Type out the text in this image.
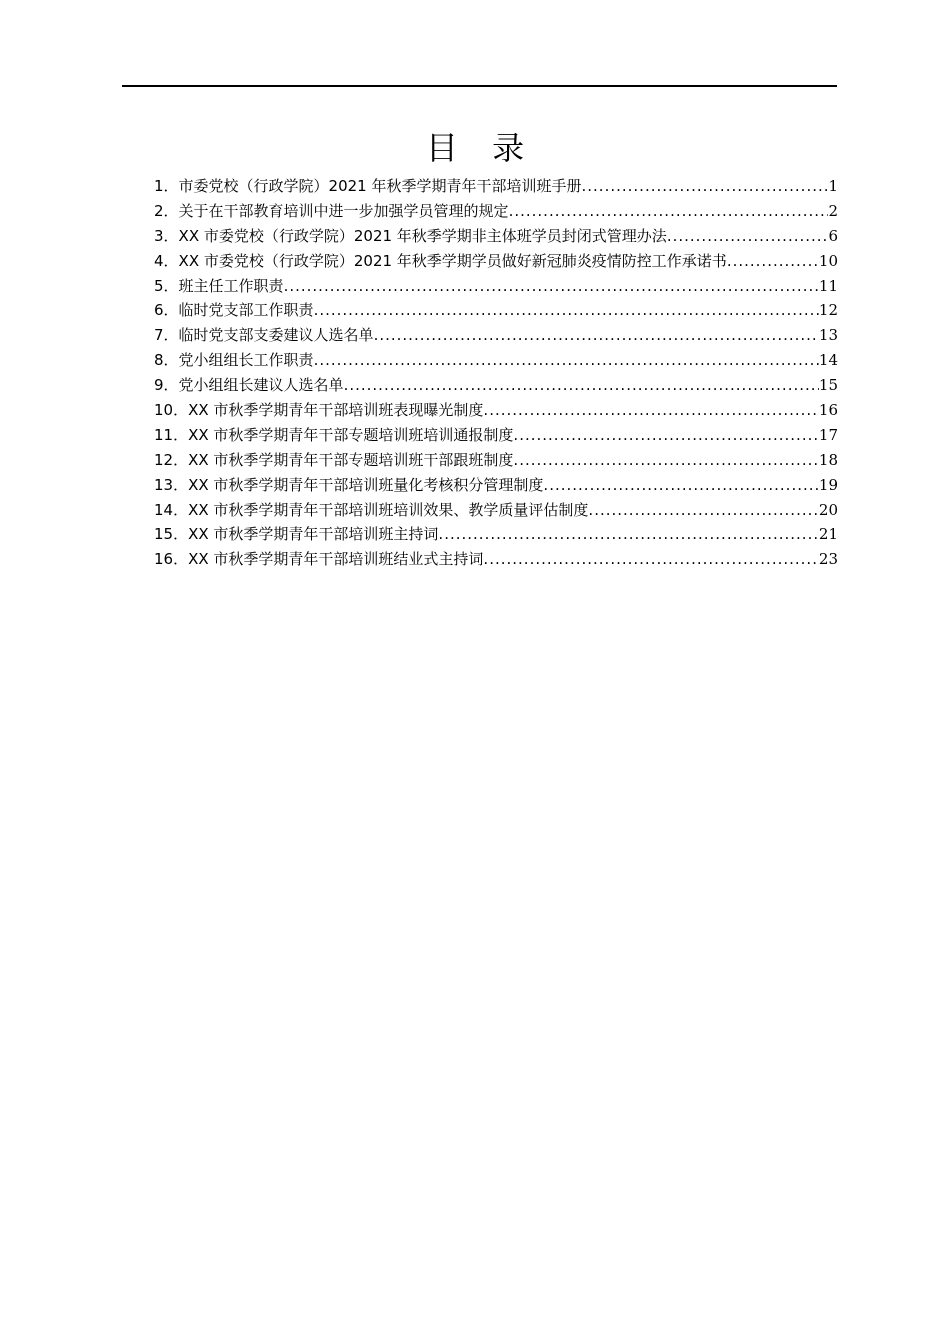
目 录
1． 市委党校（行政学院）2021 年秋季学期青年干部培训班手册 .....	1
2． 关于在干部教育培训中进一步加强学员管理的规定 .....	2
3． XX 市委党校（行政学院）2021 年秋季学期非主体班学员封闭式管理办法 .....	6
4． XX 市委党校（行政学院）2021 年秋季学期学员做好新冠肺炎疫情防控工作承诺书 .....	10
5． 班主任工作职责 .....	11
6． 临时党支部工作职责 .....	12
7． 临时党支部支委建议人选名单 .....	13
8． 党小组组长工作职责 .....	14
9． 党小组组长建议人选名单 .....	15
10． XX 市秋季学期青年干部培训班表现曝光制度 .....	16
11． XX 市秋季学期青年干部专题培训班培训通报制度 .....	17
12． XX 市秋季学期青年干部专题培训班干部跟班制度 .....	18
13． XX 市秋季学期青年干部培训班量化考核积分管理制度 .....	19
14． XX 市秋季学期青年干部培训班培训效果、教学质量评估制度 .....	20
15． XX 市秋季学期青年干部培训班主持词 .....	21
16． XX 市秋季学期青年干部培训班结业式主持词 .....	23
